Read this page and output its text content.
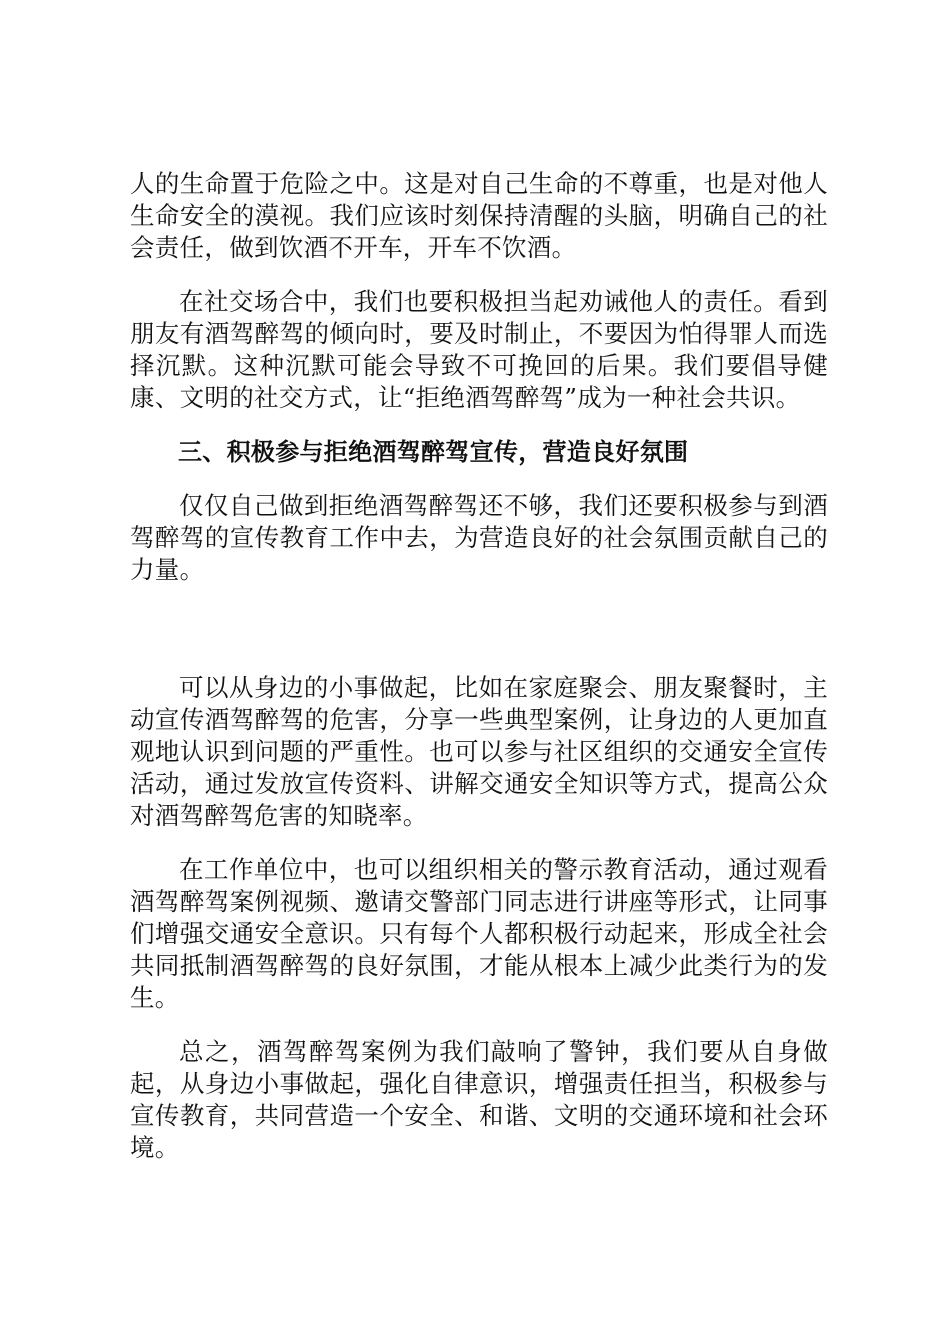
人的生命置于危险之中。这是对自己生命的不尊重，也是对他人生命安全的漠视。我们应该时刻保持清醒的头脑，明确自己的社会责任，做到饮酒不开车，开车不饮酒。

在社交场合中，我们也要积极担当起劝诫他人的责任。看到朋友有酒驾醉驾的倾向时，要及时制止，不要因为怕得罪人而选择沉默。这种沉默可能会导致不可挽回的后果。我们要倡导健康、文明的社交方式，让“拒绝酒驾醉驾”成为一种社会共识。

三、积极参与拒绝酒驾醉驾宣传，营造良好氛围

仅仅自己做到拒绝酒驾醉驾还不够，我们还要积极参与到酒驾醉驾的宣传教育工作中去，为营造良好的社会氛围贡献自己的力量。

可以从身边的小事做起，比如在家庭聚会、朋友聚餐时，主动宣传酒驾醉驾的危害，分享一些典型案例，让身边的人更加直观地认识到问题的严重性。也可以参与社区组织的交通安全宣传活动，通过发放宣传资料、讲解交通安全知识等方式，提高公众对酒驾醉驾危害的知晓率。

在工作单位中，也可以组织相关的警示教育活动，通过观看酒驾醉驾案例视频、邀请交警部门同志进行讲座等形式，让同事们增强交通安全意识。只有每个人都积极行动起来，形成全社会共同抵制酒驾醉驾的良好氛围，才能从根本上减少此类行为的发生。

总之，酒驾醉驾案例为我们敲响了警钟，我们要从自身做起，从身边小事做起，强化自律意识，增强责任担当，积极参与宣传教育，共同营造一个安全、和谐、文明的交通环境和社会环境。
